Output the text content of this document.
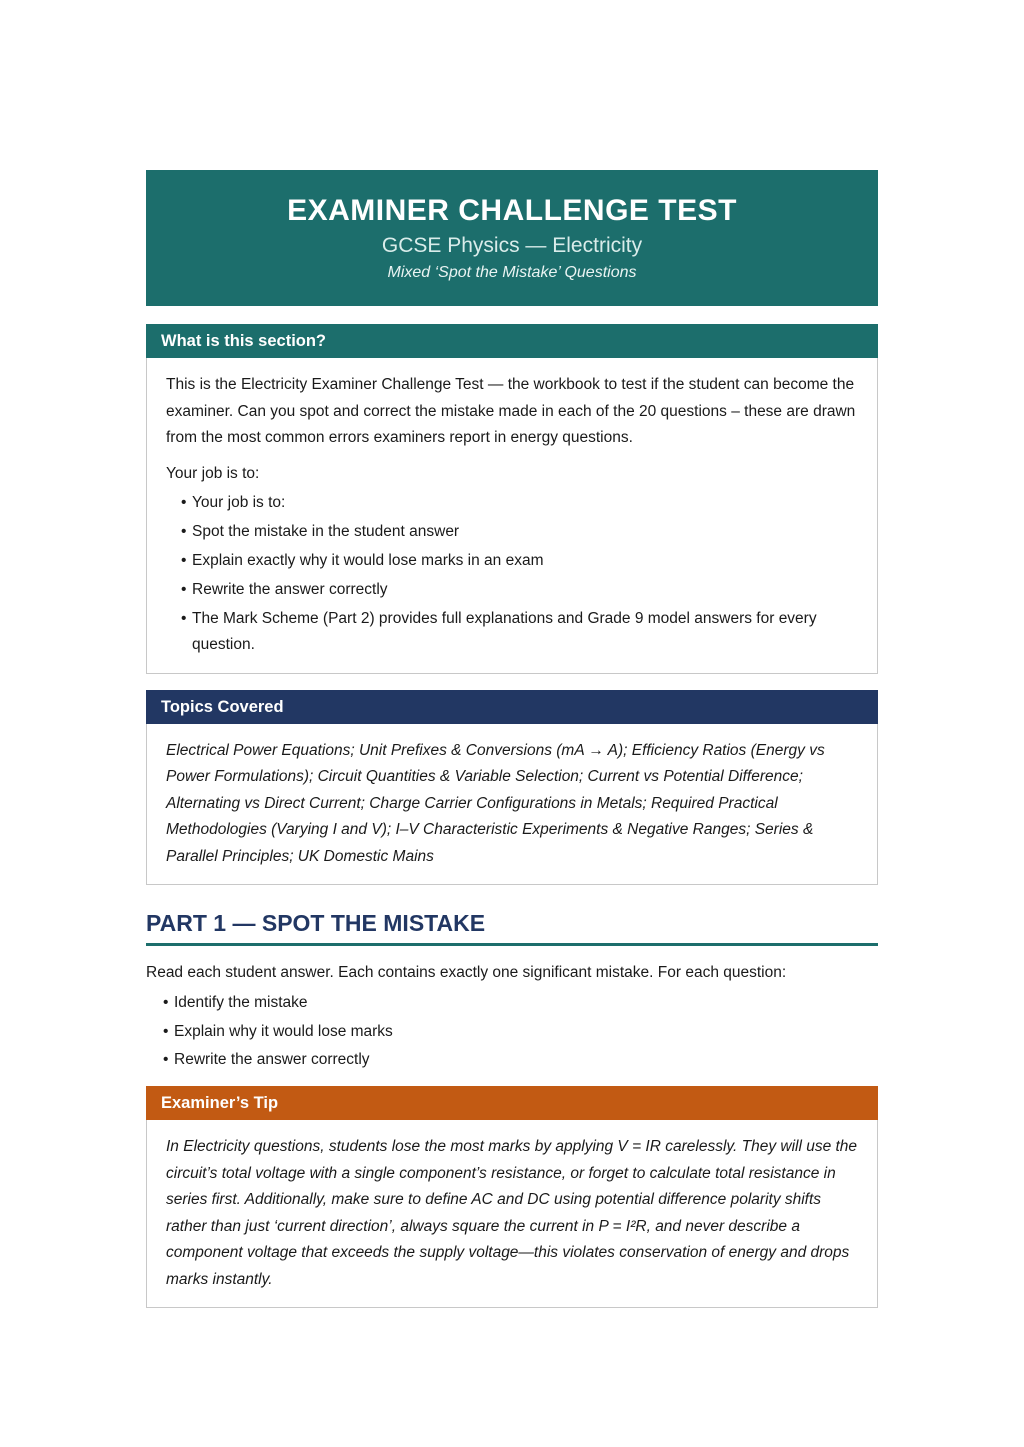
EXAMINER CHALLENGE TEST
GCSE Physics — Electricity
Mixed ‘Spot the Mistake’ Questions
What is this section?

This is the Electricity Examiner Challenge Test — the workbook to test if the student can become the examiner. Can you spot and correct the mistake made in each of the 20 questions – these are drawn from the most common errors examiners report in energy questions.

Your job is to:

• Your job is to:
• Spot the mistake in the student answer
• Explain exactly why it would lose marks in an exam
• Rewrite the answer correctly
• The Mark Scheme (Part 2) provides full explanations and Grade 9 model answers for every question.
Topics Covered

Electrical Power Equations; Unit Prefixes & Conversions (mA → A); Efficiency Ratios (Energy vs Power Formulations); Circuit Quantities & Variable Selection; Current vs Potential Difference; Alternating vs Direct Current; Charge Carrier Configurations in Metals; Required Practical Methodologies (Varying I and V); I–V Characteristic Experiments & Negative Ranges; Series & Parallel Principles; UK Domestic Mains

PART 1 — SPOT THE MISTAKE
Read each student answer. Each contains exactly one significant mistake. For each question:
• Identify the mistake
• Explain why it would lose marks
• Rewrite the answer correctly
Examiner’s Tip

In Electricity questions, students lose the most marks by applying V = IR carelessly. They will use the circuit’s total voltage with a single component’s resistance, or forget to calculate total resistance in series first. Additionally, make sure to define AC and DC using potential difference polarity shifts rather than just ‘current direction’, always square the current in P = I²R, and never describe a component voltage that exceeds the supply voltage—this violates conservation of energy and drops marks instantly.
